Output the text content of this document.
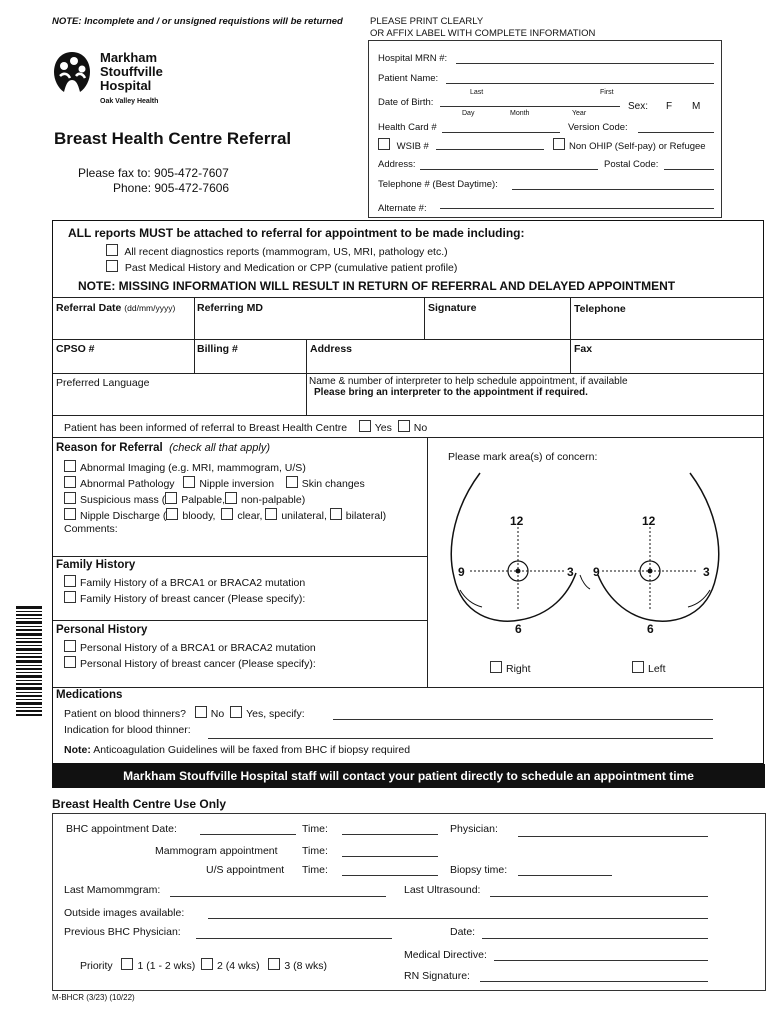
NOTE: Incomplete and / or unsigned requistions will be returned	PLEASE PRINT CLEARLY
OR AFFIX LABEL WITH COMPLETE INFORMATION
Markham
Stouffville
Hospital
Oak Valley Health
Breast Health Centre Referral
Please fax to: 905-472-7607
Phone: 905-472-7606
Hospital MRN #:
Patient Name:
Last	First
Date of Birth:
Day	Month	Year
Sex: F M
Health Card #	Version Code:
WSIB #	Non OHIP (Self-pay) or Refugee
Address:	Postal Code:
Telephone # (Best Daytime):
Alternate #:
ALL reports MUST be attached to referral for appointment to be made including:
All recent diagnostics reports (mammogram, US, MRI, pathology etc.)
Past Medical History and Medication or CPP (cumulative patient profile)
NOTE: MISSING INFORMATION WILL RESULT IN RETURN OF REFERRAL AND DELAYED APPOINTMENT
Referral Date (dd/mm/yyyy) Referring MD	Signature	Telephone
CPSO #	Billing #	Address	Fax
Preferred Language	Name & number of interpreter to help schedule appointment, if available
Please bring an interpreter to the appointment if required.
Patient has been informed of referral to Breast Health Centre	Yes No
Reason for Referral (check all that apply)
Abnormal Imaging (e.g. MRI, mammogram, U/S)
Abnormal Pathology Nipple inversion	Skin changes
Suspicious mass ( Palpable, non-palpable)
Nipple Discharge ( bloody, clear, unilateral, bilateral)
Comments:
Family History
Family History of a BRCA1 or BRACA2 mutation
Family History of breast cancer (Please specify):
Personal History
Personal History of a BRCA1 or BRACA2 mutation
Personal History of breast cancer (Please specify):
Please mark area(s) of concern:
12
9	3
6
12
9	3
6
Right	Left
Medications
Patient on blood thinners? No Yes, specify:
Indication for blood thinner:
Note: Anticoagulation Guidelines will be faxed from BHC if biopsy required
Markham Stouffville Hospital staff will contact your patient directly to schedule an appointment time
Breast Health Centre Use Only
BHC appointment Date:	Time:	Physician:
Mammogram appointment Time:
U/S appointment Time:	Biopsy time:
Last Mamommgram:	Last Ultrasound:
Outside images available:
Previous BHC Physician:	Date:
Priority 1 (1 - 2 wks) 2 (4 wks) 3 (8 wks)
Medical Directive:
RN Signature:
M-BHCR (3/23) (10/22)
